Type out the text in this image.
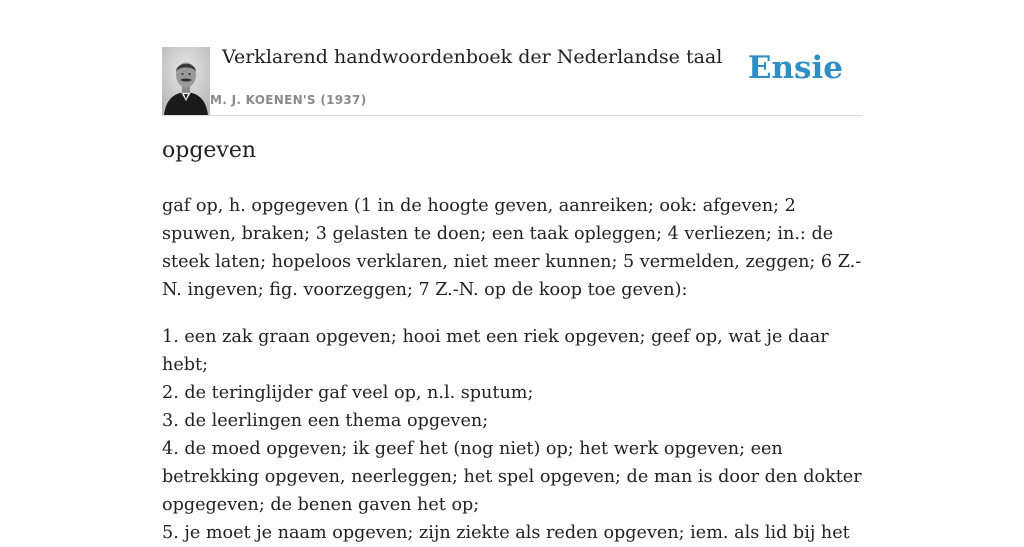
Verklarend handwoordenboek der Nederlandse taal
M. J. KOENEN'S (1937)
Ensie
opgeven

gaf op, h. opgegeven (1 in de hoogte geven, aanreiken; ook: afgeven; 2 spuwen, braken; 3 gelasten te doen; een taak opleggen; 4 verliezen; in.: de steek laten; hopeloos verklaren, niet meer kunnen; 5 vermelden, zeggen; 6 Z.-N. ingeven; fig. voorzeggen; 7 Z.-N. op de koop toe geven):

1. een zak graan opgeven; hooi met een riek opgeven; geef op, wat je daar hebt;
2. de teringlijder gaf veel op, n.l. sputum;
3. de leerlingen een thema opgeven;
4. de moed opgeven; ik geef het (nog niet) op; het werk opgeven; een betrekking opgeven, neerleggen; het spel opgeven; de man is door den dokter opgegeven; de benen gaven het op;
5. je moet je naam opgeven; zijn ziekte als reden opgeven; iem. als lid bij het
